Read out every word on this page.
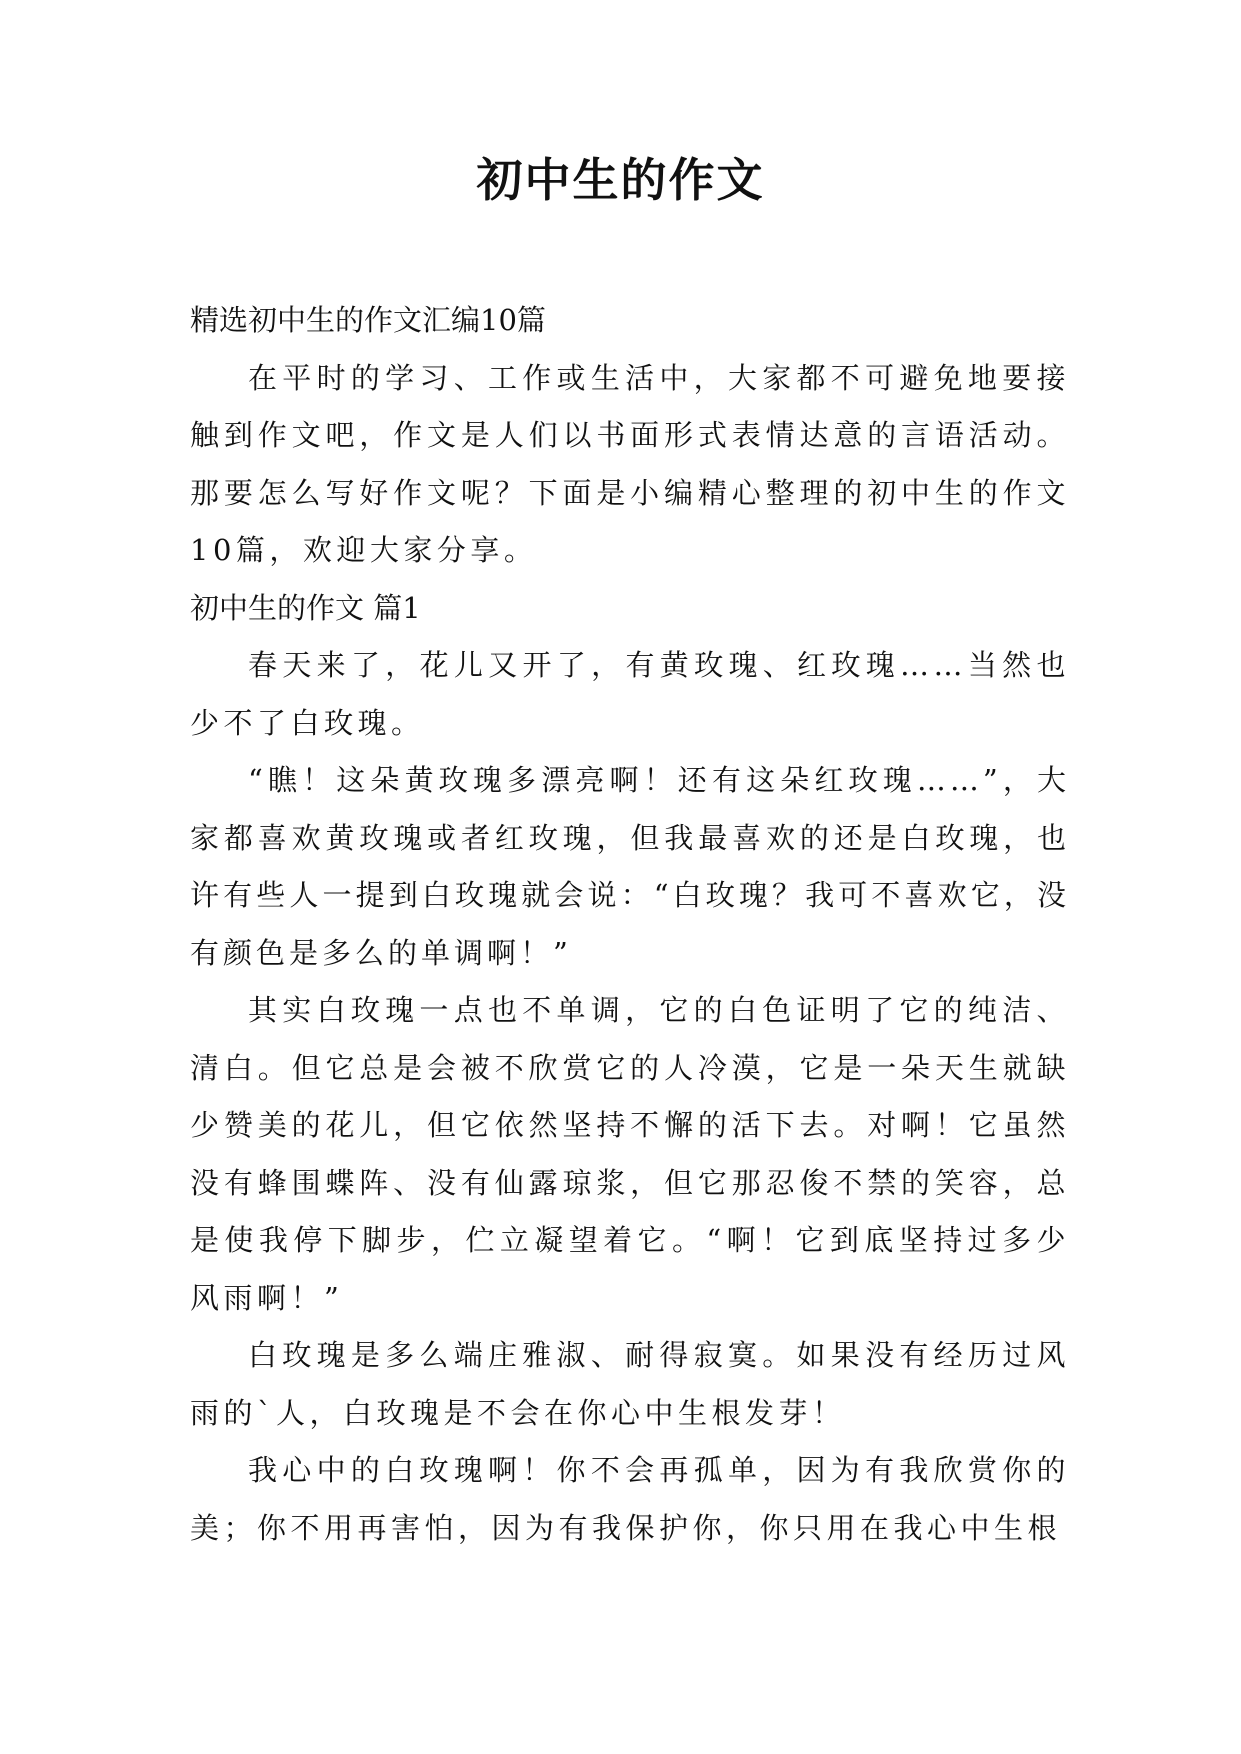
初中生的作文

精选初中生的作文汇编10篇

在平时的学习、工作或生活中，大家都不可避免地要接触到作文吧，作文是人们以书面形式表情达意的言语活动。那要怎么写好作文呢？下面是小编精心整理的初中生的作文10篇，欢迎大家分享。

初中生的作文 篇1

春天来了，花儿又开了，有黄玫瑰、红玫瑰……当然也少不了白玫瑰。

“瞧！这朵黄玫瑰多漂亮啊！还有这朵红玫瑰……”，大家都喜欢黄玫瑰或者红玫瑰，但我最喜欢的还是白玫瑰，也许有些人一提到白玫瑰就会说：“白玫瑰？我可不喜欢它，没有颜色是多么的单调啊！”

其实白玫瑰一点也不单调，它的白色证明了它的纯洁、清白。但它总是会被不欣赏它的人冷漠，它是一朵天生就缺少赞美的花儿，但它依然坚持不懈的活下去。对啊！它虽然没有蜂围蝶阵、没有仙露琼浆，但它那忍俊不禁的笑容，总是使我停下脚步，伫立凝望着它。“啊！它到底坚持过多少风雨啊！”

白玫瑰是多么端庄雅淑、耐得寂寞。如果没有经历过风雨的`人，白玫瑰是不会在你心中生根发芽！

我心中的白玫瑰啊！你不会再孤单，因为有我欣赏你的美；你不用再害怕，因为有我保护你，你只用在我心中生根
